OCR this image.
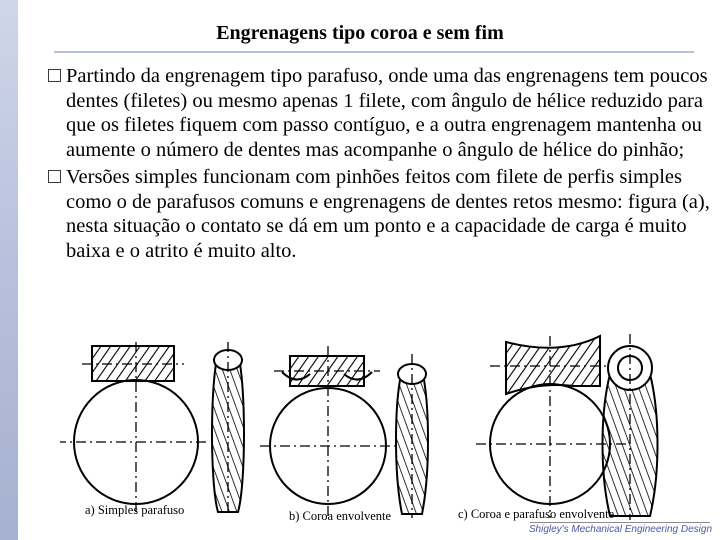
Engrenagens tipo coroa e sem fim
Partindo da engrenagem tipo parafuso, onde uma das engrenagens tem poucos dentes (filetes) ou mesmo apenas 1 filete, com ângulo de hélice reduzido para que os filetes fiquem com passo contíguo, e a outra engrenagem mantenha ou aumente o número de dentes mas acompanhe o ângulo de hélice do pinhão;
Versões simples funcionam com pinhões feitos com filete de perfis simples como o de parafusos comuns e engrenagens de dentes retos mesmo: figura (a), nesta situação o contato se dá em um ponto e a capacidade de carga é muito baixa e o atrito é muito alto.
a) Simples parafuso	b) Coroa envolvente	c) Coroa e parafuso envolvente
Shigley's Mechanical Engineering Design
